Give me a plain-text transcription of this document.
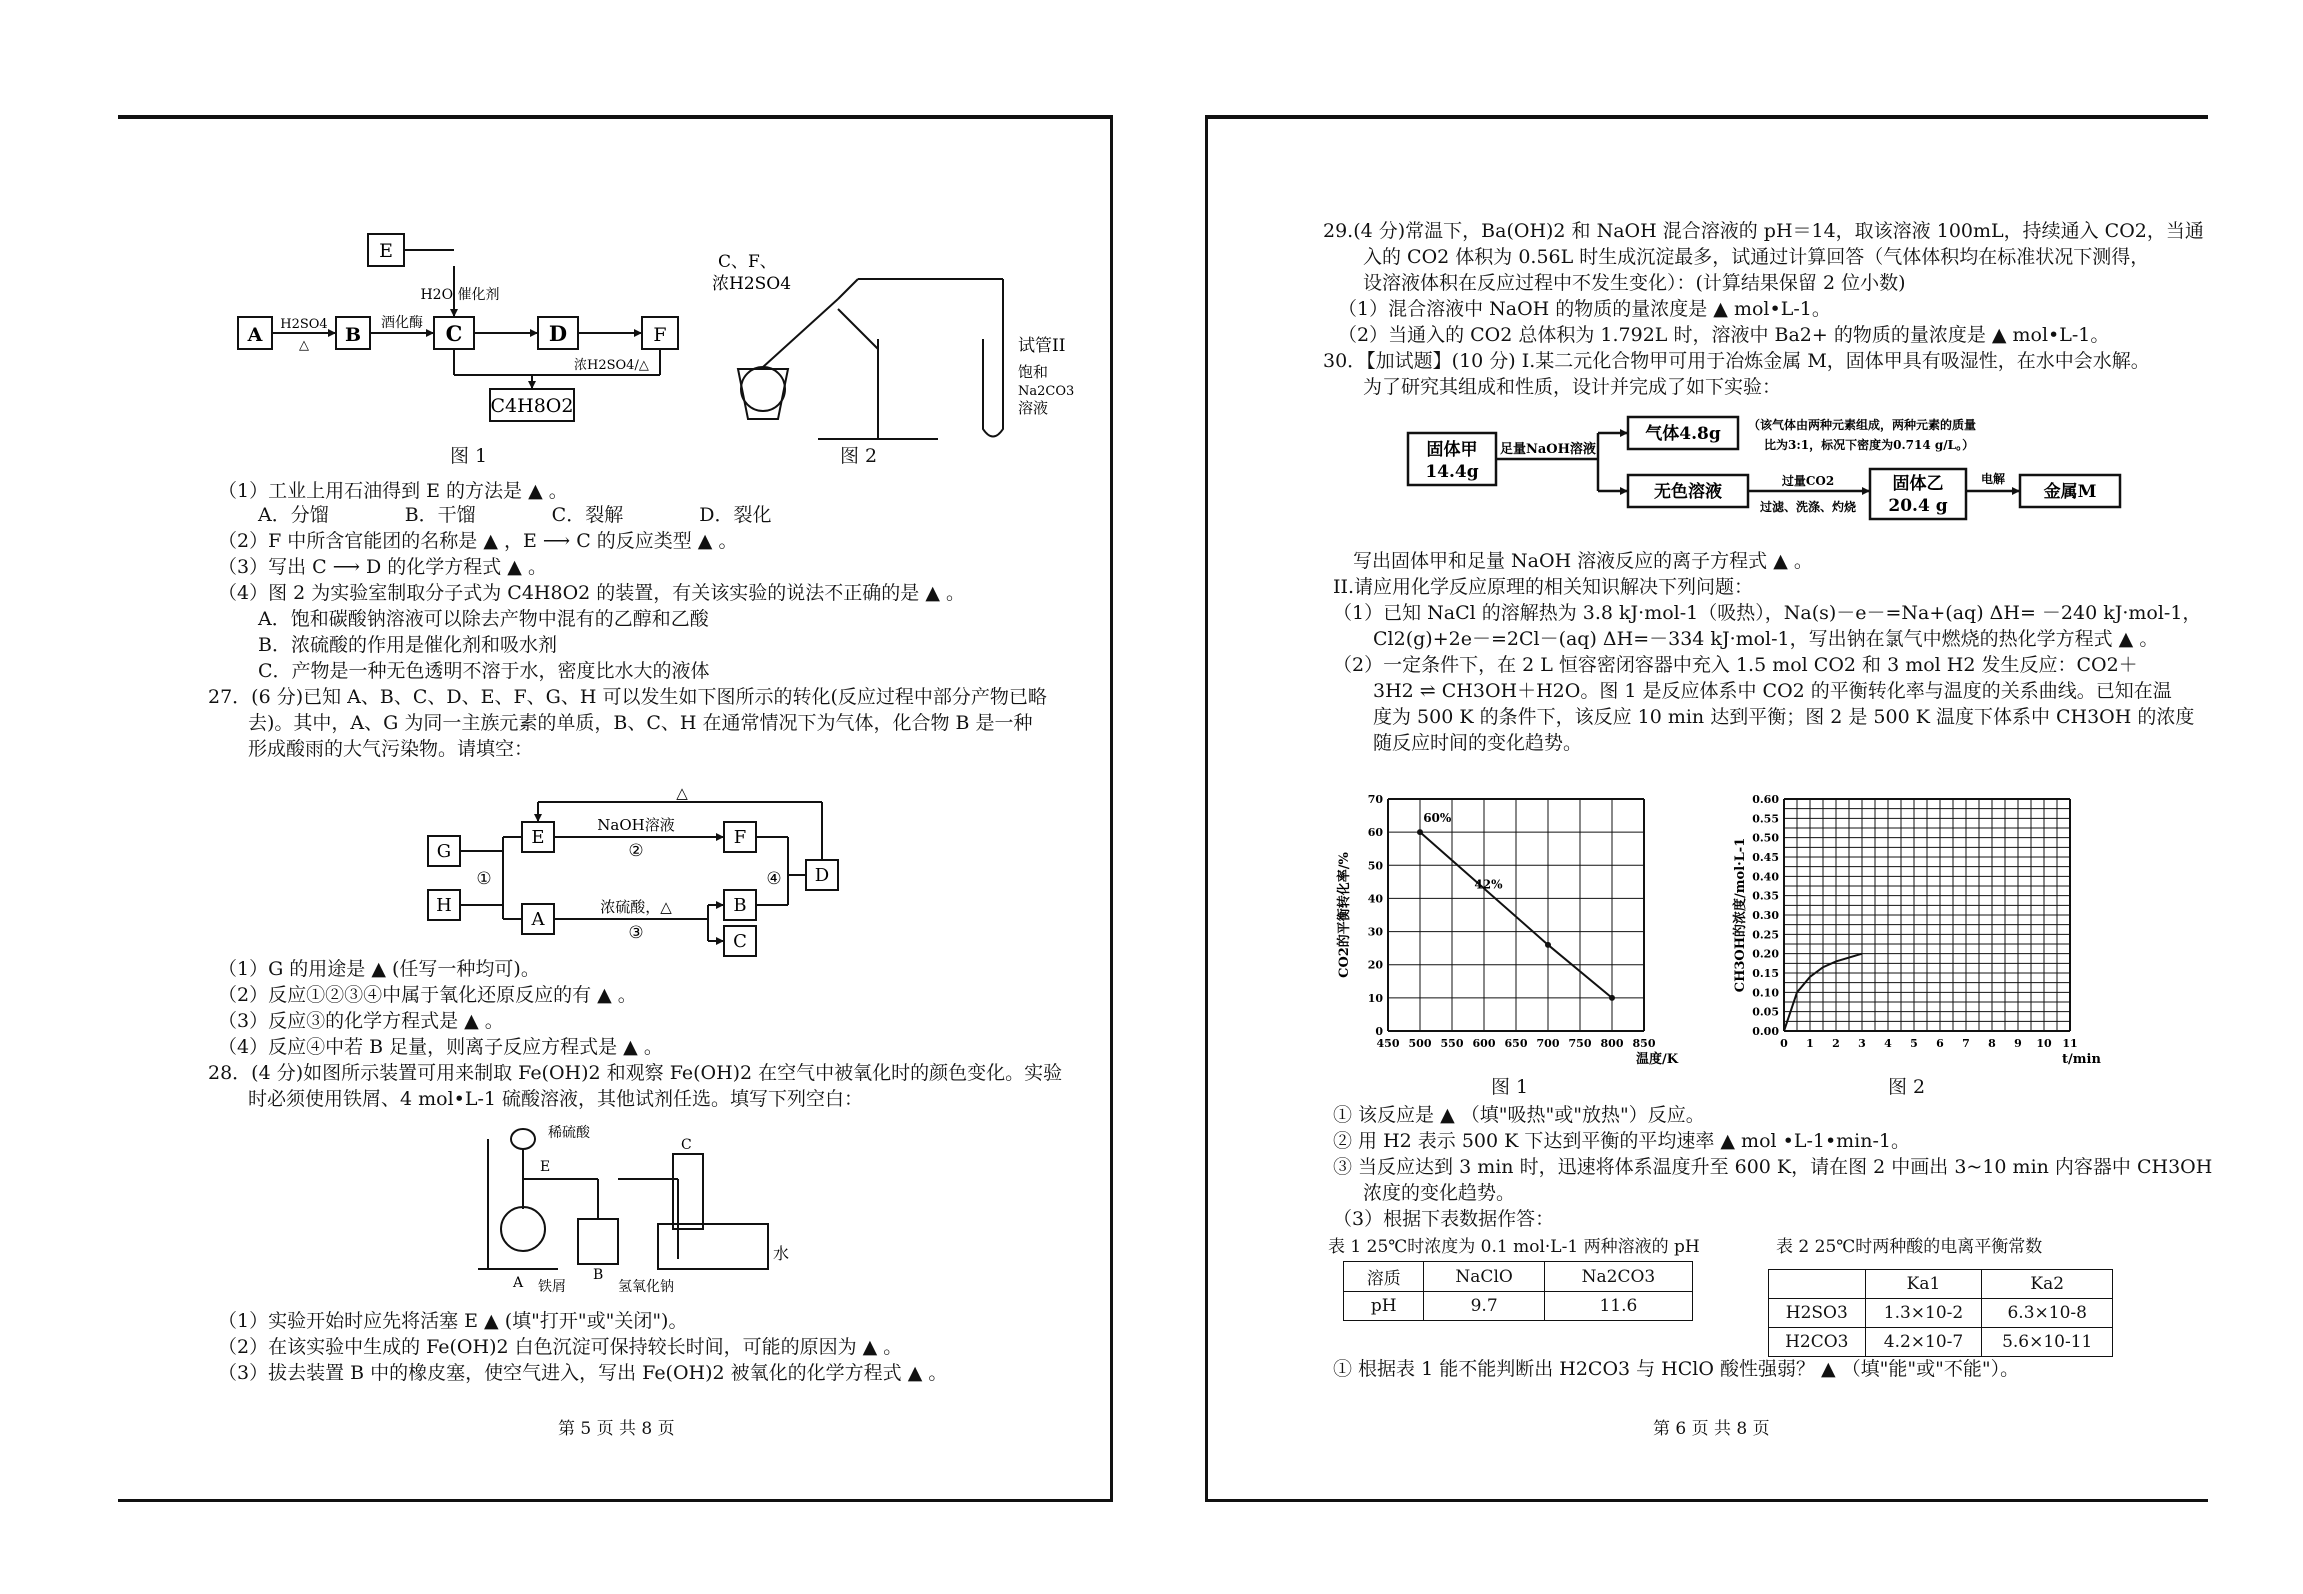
E
A	B	C	D	F
C4H8O2
H2SO4
△
酒化酶
H2O 催化剂
浓H2SO4/△
图 1
C、F、
浓H2SO4
试管II
饱和
Na2CO3
溶液
图 2
（1）工业上用石油得到 E 的方法是 ▲ 。
A．分馏　　　　B．干馏　　　　C．裂解　　　　D．裂化
（2）F 中所含官能团的名称是 ▲ ，E ⟶ C 的反应类型 ▲ 。
（3）写出 C ⟶ D 的化学方程式 ▲ 。
（4）图 2 为实验室制取分子式为 C4H8O2 的装置，有关该实验的说法不正确的是 ▲ 。
A．饱和碳酸钠溶液可以除去产物中混有的乙醇和乙酸
B．浓硫酸的作用是催化剂和吸水剂
C．产物是一种无色透明不溶于水，密度比水大的液体
27．(6 分)已知 A、B、C、D、E、F、G、H 可以发生如下图所示的转化(反应过程中部分产物已略
去)。其中，A、G 为同一主族元素的单质，B、C、H 在通常情况下为气体，化合物 B 是一种
形成酸雨的大气污染物。请填空：
G
H
E	F
D
A
B
C
NaOH溶液
浓硫酸，△
①
②
③
④
△
（1）G 的用途是 ▲ (任写一种均可)。
（2）反应①②③④中属于氧化还原反应的有 ▲ 。
（3）反应③的化学方程式是 ▲ 。
（4）反应④中若 B 足量，则离子反应方程式是 ▲ 。
28．(4 分)如图所示装置可用来制取 Fe(OH)2 和观察 Fe(OH)2 在空气中被氧化时的颜色变化。实验
时必须使用铁屑、4 mol•L-1 硫酸溶液，其他试剂任选。填写下列空白：
稀硫酸
E
C
水
A 铁屑
B
氢氧化钠
（1）实验开始时应先将活塞 E ▲ (填"打开"或"关闭")。
（2）在该实验中生成的 Fe(OH)2 白色沉淀可保持较长时间，可能的原因为 ▲ 。
（3）拔去装置 B 中的橡皮塞，使空气进入，写出 Fe(OH)2 被氧化的化学方程式 ▲ 。
第 5 页 共 8 页
29.(4 分)常温下，Ba(OH)2 和 NaOH 混合溶液的 pH＝14，取该溶液 100mL，持续通入 CO2，当通
入的 CO2 体积为 0.56L 时生成沉淀最多，试通过计算回答（气体体积均在标准状况下测得，
设溶液体积在反应过程中不发生变化）：(计算结果保留 2 位小数)
（1）混合溶液中 NaOH 的物质的量浓度是 ▲ mol•L-1。
（2）当通入的 CO2 总体积为 1.792L 时，溶液中 Ba2+ 的物质的量浓度是 ▲ mol•L-1。
30．【加试题】(10 分) I.某二元化合物甲可用于冶炼金属 M，固体甲具有吸湿性，在水中会水解。
为了研究其组成和性质，设计并完成了如下实验：
固体甲
14.4g
足量NaOH溶液
气体4.8g （该气体由两种元素组成，两种元素的质量
比为3:1，标况下密度为0.714 g/L。）
无色溶液
过量CO2
过滤、洗涤、灼烧
固体乙
20.4 g
电解
金属M
写出固体甲和足量 NaOH 溶液反应的离子方程式 ▲ 。
II.请应用化学反应原理的相关知识解决下列问题：
（1）已知 NaCl 的溶解热为 3.8 kJ·mol-1（吸热），Na(s)－e－=Na+(aq) ΔH= －240 kJ·mol-1，
Cl2(g)+2e－=2Cl－(aq) ΔH=－334 kJ·mol-1，写出钠在氯气中燃烧的热化学方程式 ▲ 。
（2）一定条件下，在 2 L 恒容密闭容器中充入 1.5 mol CO2 和 3 mol H2 发生反应：CO2＋
3H2 ⇌ CH3OH＋H2O。图 1 是反应体系中 CO2 的平衡转化率与温度的关系曲线。已知在温
度为 500 K 的条件下，该反应 10 min 达到平衡；图 2 是 500 K 温度下体系中 CH3OH 的浓度
随反应时间的变化趋势。
450 500 550 600 650 700 750 800 850
0
10
20
30
40
50
60
70
温度/K
CO2的平衡转化率/%
60%
42%
0 1 2 3 4 5 6 7 8 9 10 11
0.00
0.05
0.10
0.15
0.20
0.25
0.30
0.35
0.40
0.45
0.50
0.55
0.60
t/min
CH3OH的浓度/mol·L-1
图 1	图 2
① 该反应是 ▲ （填"吸热"或"放热"）反应。
② 用 H2 表示 500 K 下达到平衡的平均速率 ▲ mol •L-1•min-1。
③ 当反应达到 3 min 时，迅速将体系温度升至 600 K，请在图 2 中画出 3~10 min 内容器中 CH3OH
浓度的变化趋势。
（3）根据下表数据作答：
表 1 25℃时浓度为 0.1 mol·L-1 两种溶液的 pH
溶质	NaClO	Na2CO3
pH	9.7	11.6
表 2 25℃时两种酸的电离平衡常数
	Ka1	Ka2
H2SO3	1.3×10-2	6.3×10-8
H2CO3	4.2×10-7	5.6×10-11
① 根据表 1 能不能判断出 H2CO3 与 HClO 酸性强弱？ ▲ （填"能"或"不能"）。
第 6 页 共 8 页
